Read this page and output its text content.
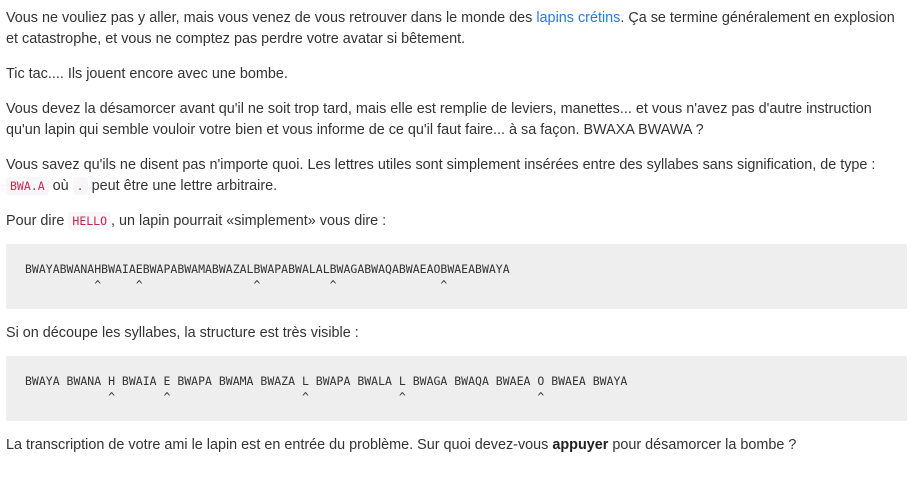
Vous ne vouliez pas y aller, mais vous venez de vous retrouver dans le monde des lapins crétins. Ça se termine généralement en explosion et catastrophe, et vous ne comptez pas perdre votre avatar si bêtement.

Tic tac.... Ils jouent encore avec une bombe.

Vous devez la désamorcer avant qu'il ne soit trop tard, mais elle est remplie de leviers, manettes... et vous n'avez pas d'autre instruction qu'un lapin qui semble vouloir votre bien et vous informe de ce qu'il faut faire... à sa façon. BWAXA BWAWA ?

Vous savez qu'ils ne disent pas n'importe quoi. Les lettres utiles sont simplement insérées entre des syllabes sans signification, de type : BWA.A où . peut être une lettre arbitraire.

Pour dire HELLO , un lapin pourrait «simplement» vous dire :

BWAYABWANAHBWAIAEBWAPABWAMABWAZALBWAPABWALALBWAGABWAQABWAEAOBWAEABWAYA
^     ^                ^          ^               ^

Si on découpe les syllabes, la structure est très visible :

BWAYA BWANA H BWAIA E BWAPA BWAMA BWAZA L BWAPA BWALA L BWAGA BWAQA BWAEA O BWAEA BWAYA
^       ^                   ^             ^                   ^

La transcription de votre ami le lapin est en entrée du problème. Sur quoi devez-vous appuyer pour désamorcer la bombe ?
